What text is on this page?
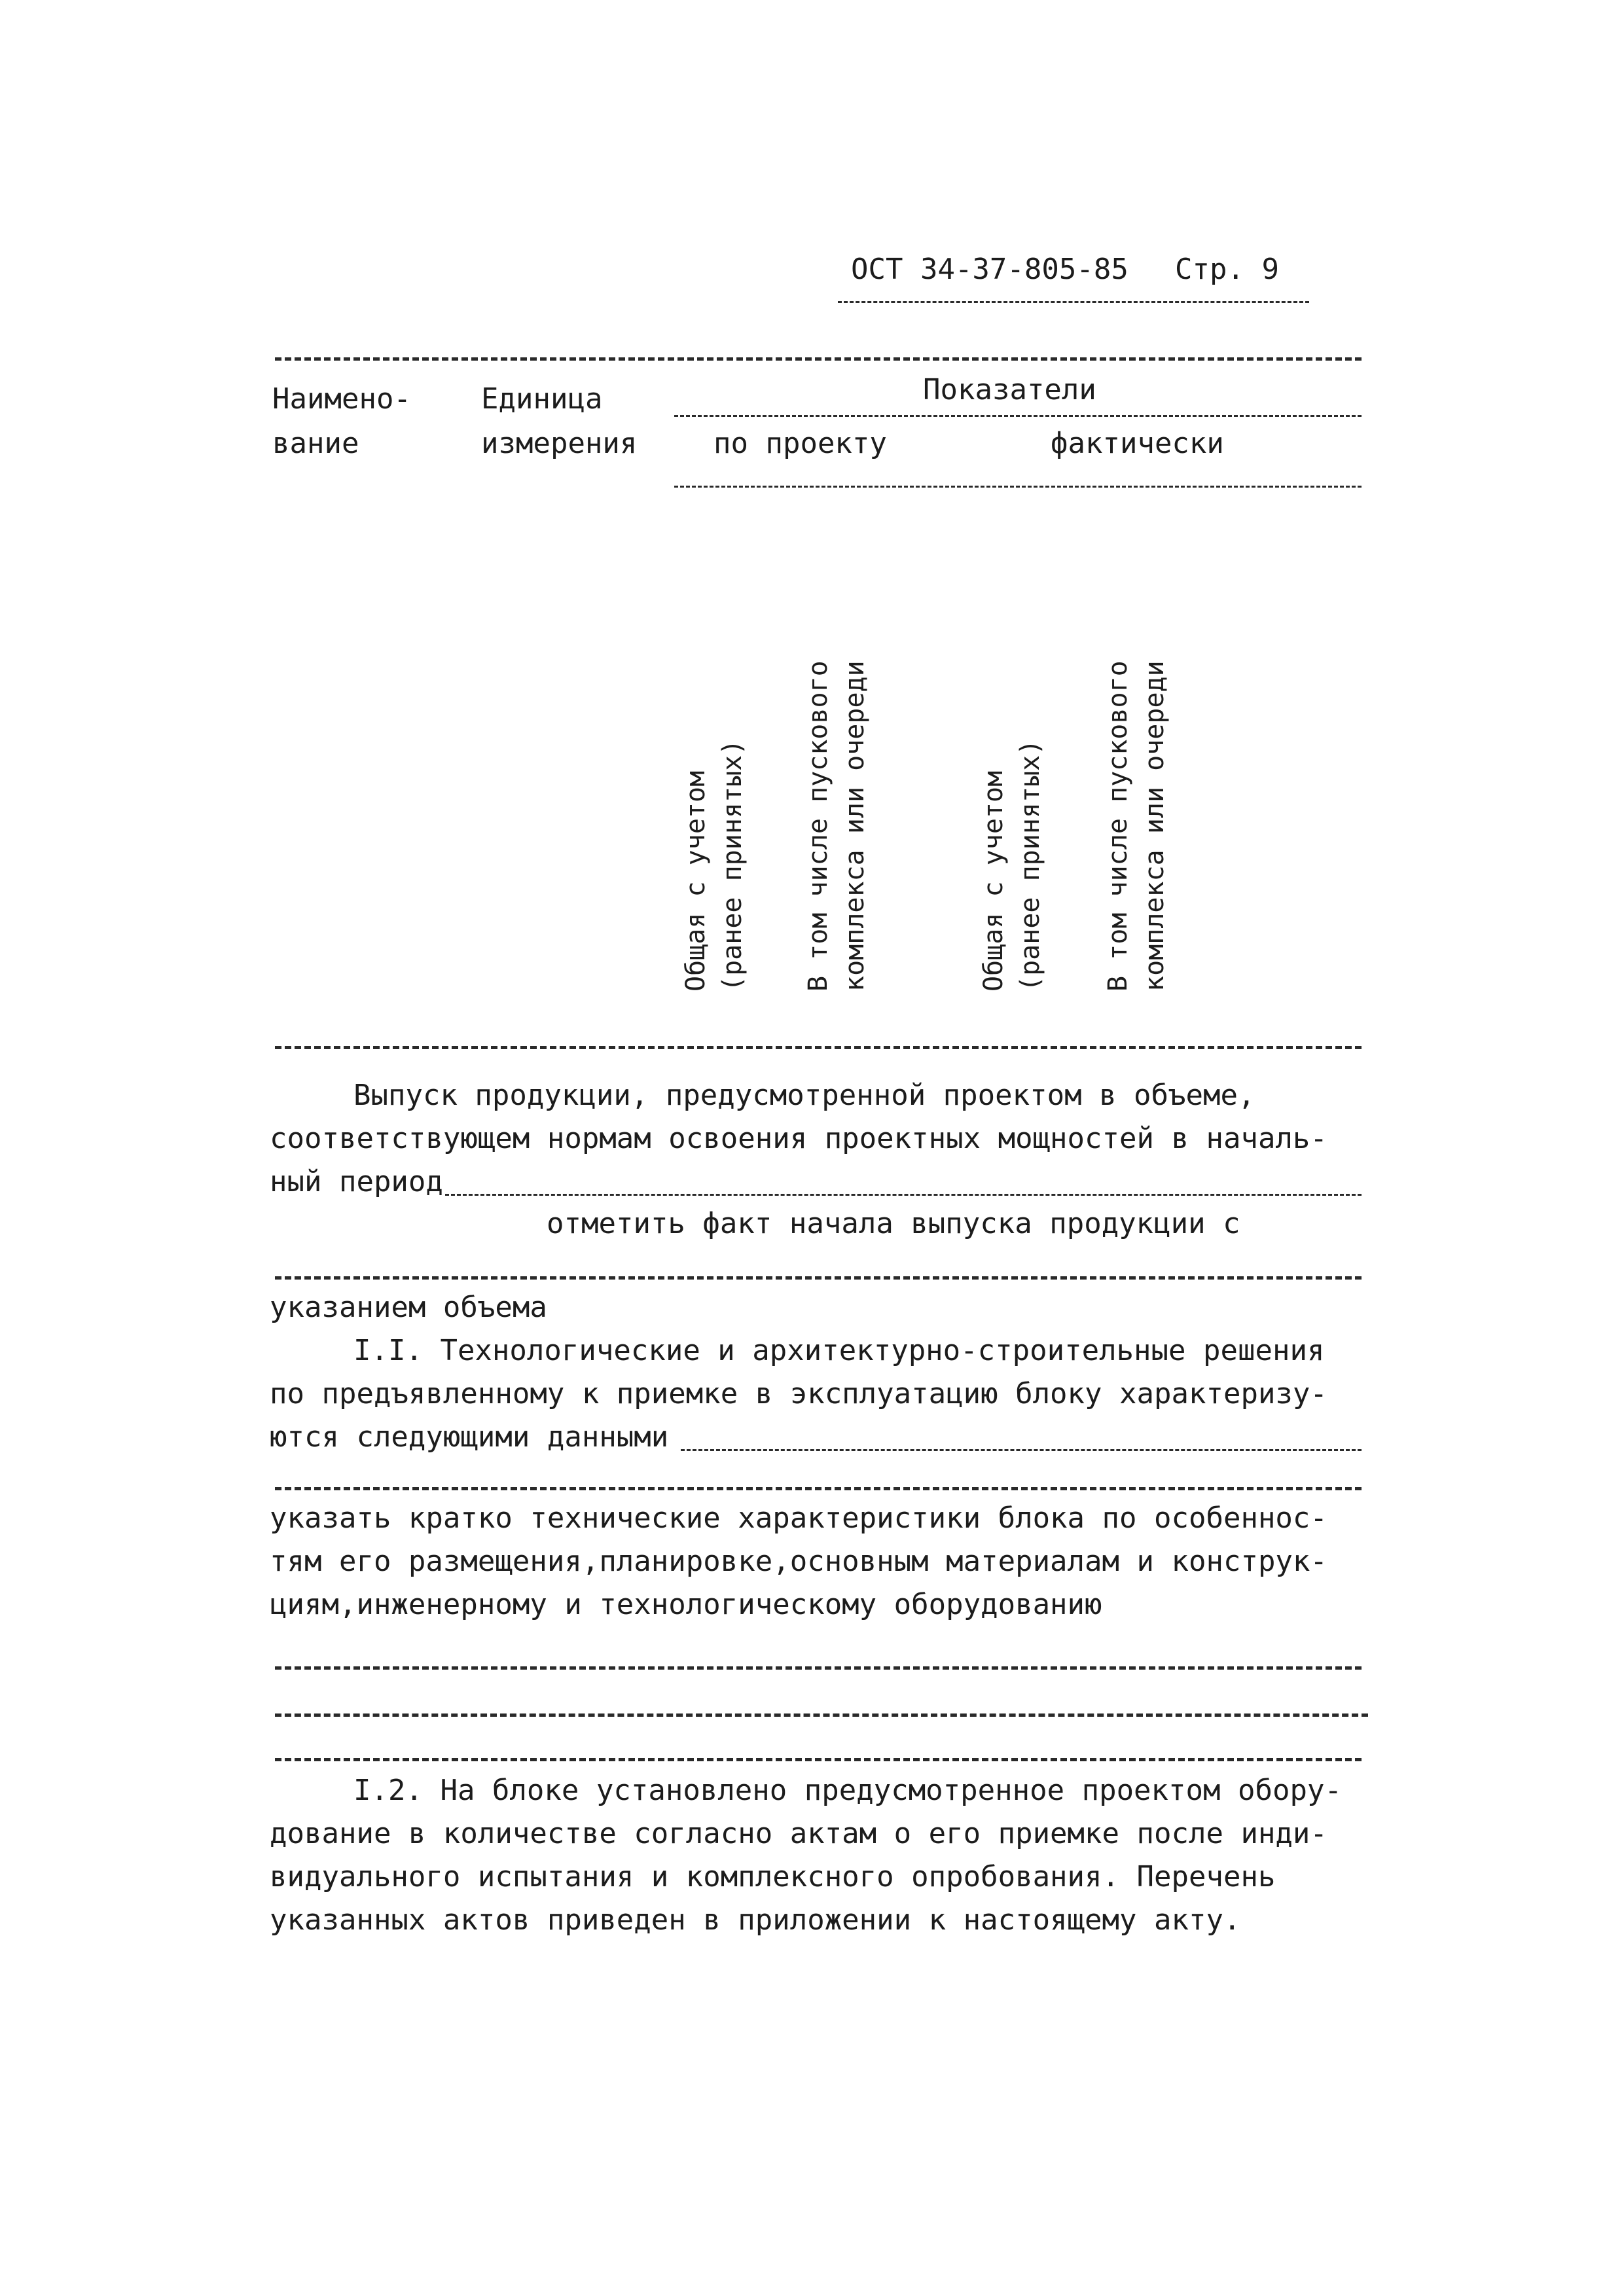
ОСТ 34-37-805-85 Стр. 9
Наимено-
вание
Единица
измерения
Показатели
по проекту	фактически
Общая с учетом (ранее принятых) В том числе пускового комплекса или очереди	Общая с учетом (ранее принятых) В том числе пускового комплекса или очереди
Выпуск продукции, предусмотренной проектом в объеме,
соответствующем нормам освоения проектных мощностей в началь-
ный период
отметить факт начала выпуска продукции с
указанием объема
I.I. Технологические и архитектурно-строительные решения
по предъявленному к приемке в эксплуатацию блоку характеризу-
ются следующими данными
указать кратко технические характеристики блока по особеннос-
тям его размещения,планировке,основным материалам и конструк-
циям,инженерному и технологическому оборудованию
I.2. На блоке установлено предусмотренное проектом обору-
дование в количестве согласно актам о его приемке после инди-
видуального испытания и комплексного опробования. Перечень
указанных актов приведен в приложении к настоящему акту.
